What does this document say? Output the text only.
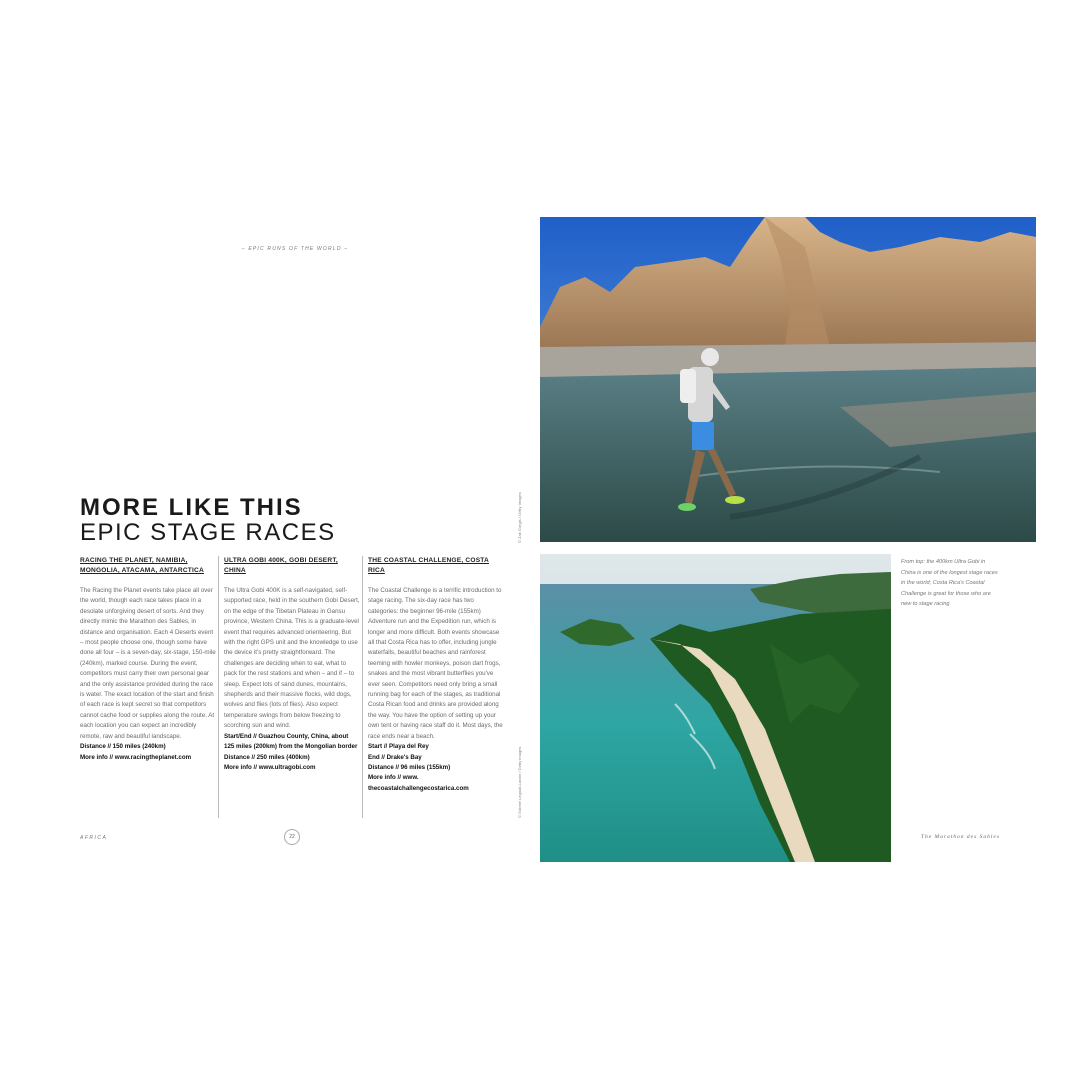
– EPIC RUNS OF THE WORLD –
MORE LIKE THIS
EPIC STAGE RACES
RACING THE PLANET, NAMIBIA, MONGOLIA, ATACAMA, ANTARCTICA
The Racing the Planet events take place all over the world, though each race takes place in a desolate unforgiving desert of sorts. And they directly mimic the Marathon des Sables, in distance and organisation. Each 4 Deserts event – most people choose one, though some have done all four – is a seven-day, six-stage, 150-mile (240km), marked course. During the event, competitors must carry their own personal gear and the only assistance provided during the race is water. The exact location of the start and finish of each race is kept secret so that competitors cannot cache food or supplies along the route. At each location you can expect an incredibly remote, raw and beautiful landscape.
Distance // 150 miles (240km)
More info // www.racingtheplanet.com
ULTRA GOBI 400K, GOBI DESERT, CHINA
The Ultra Gobi 400K is a self-navigated, self-supported race, held in the southern Gobi Desert, on the edge of the Tibetan Plateau in Gansu province, Western China. This is a graduate-level event that requires advanced orienteering. But with the right GPS unit and the knowledge to use the device it's pretty straightforward. The challenges are deciding when to eat, what to pack for the rest stations and when – and if – to sleep. Expect lots of sand dunes, mountains, shepherds and their massive flocks, wild dogs, wolves and flies (lots of flies). Also expect temperature swings from below freezing to scorching sun and wind.
Start/End // Guazhou County, China, about 125 miles (200km) from the Mongolian border
Distance // 250 miles (400km)
More info // www.ultragobi.com
THE COASTAL CHALLENGE, COSTA RICA
The Coastal Challenge is a terrific introduction to stage racing. The six-day race has two categories: the beginner 96-mile (155km) Adventure run and the Expedition run, which is longer and more difficult. Both events showcase all that Costa Rica has to offer, including jungle waterfalls, beautiful beaches and rainforest teeming with howler monkeys, poison dart frogs, snakes and the most vibrant butterflies you've ever seen. Competitors need only bring a small running bag for each of the stages, as traditional Costa Rican food and drinks are provided along the way. You have the option of setting up your own tent or having race staff do it. Most days, the race ends near a beach.
Start // Playa del Rey
End // Drake's Bay
Distance // 96 miles (155km)
More info // www. thecoastalchallengecostarica.com
AFRICA	22
© Zak Gorgis / Getty Images
© Gabriel Legault-Lavoie / Getty Images
From top: the 400km Ultra Gobi in China is one of the longest stage races in the world; Costa Rica's Coastal Challenge is great for those who are new to stage racing
The Marathon des Sables
